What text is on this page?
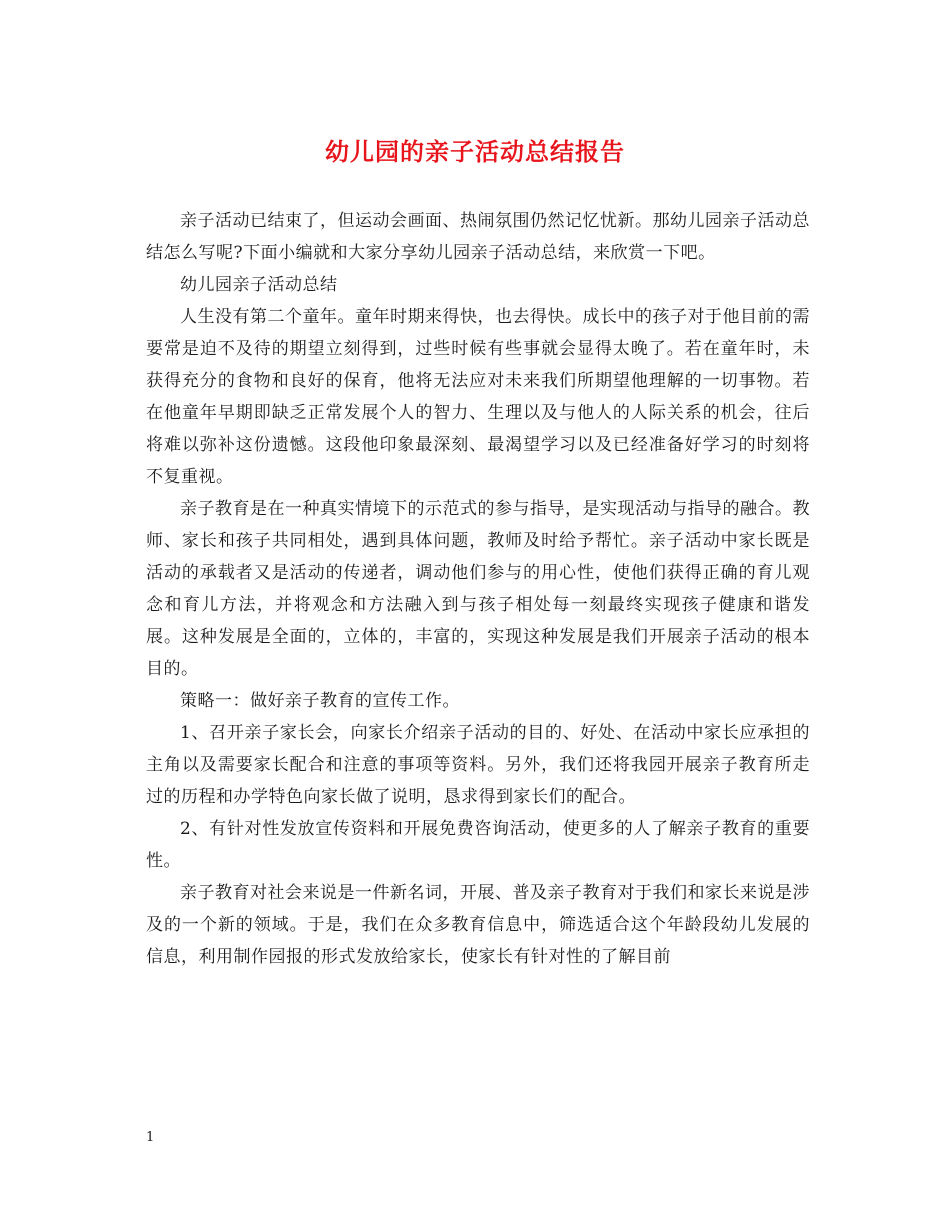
幼儿园的亲子活动总结报告

亲子活动已结束了，但运动会画面、热闹氛围仍然记忆忧新。那幼儿园亲子活动总结怎么写呢?下面小编就和大家分享幼儿园亲子活动总结，来欣赏一下吧。

幼儿园亲子活动总结

人生没有第二个童年。童年时期来得快，也去得快。成长中的孩子对于他目前的需要常是迫不及待的期望立刻得到，过些时候有些事就会显得太晚了。若在童年时，未获得充分的食物和良好的保育，他将无法应对未来我们所期望他理解的一切事物。若在他童年早期即缺乏正常发展个人的智力、生理以及与他人的人际关系的机会，往后将难以弥补这份遗憾。这段他印象最深刻、最渴望学习以及已经准备好学习的时刻将不复重视。

亲子教育是在一种真实情境下的示范式的参与指导，是实现活动与指导的融合。教师、家长和孩子共同相处，遇到具体问题，教师及时给予帮忙。亲子活动中家长既是活动的承载者又是活动的传递者，调动他们参与的用心性，使他们获得正确的育儿观念和育儿方法，并将观念和方法融入到与孩子相处每一刻最终实现孩子健康和谐发展。这种发展是全面的，立体的，丰富的，实现这种发展是我们开展亲子活动的根本目的。

策略一：做好亲子教育的宣传工作。

1、召开亲子家长会，向家长介绍亲子活动的目的、好处、在活动中家长应承担的主角以及需要家长配合和注意的事项等资料。另外，我们还将我园开展亲子教育所走过的历程和办学特色向家长做了说明，恳求得到家长们的配合。

2、有针对性发放宣传资料和开展免费咨询活动，使更多的人了解亲子教育的重要性。

亲子教育对社会来说是一件新名词，开展、普及亲子教育对于我们和家长来说是涉及的一个新的领域。于是，我们在众多教育信息中，筛选适合这个年龄段幼儿发展的信息，利用制作园报的形式发放给家长，使家长有针对性的了解目前

1
